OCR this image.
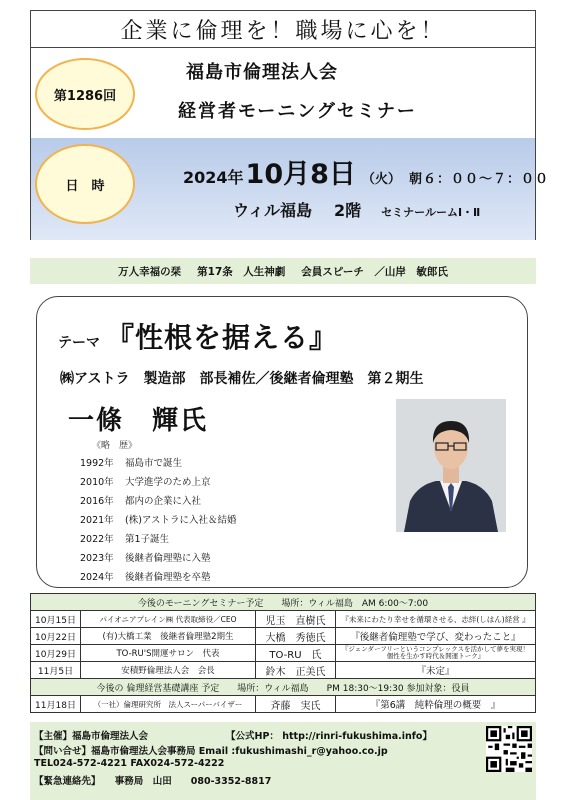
企業に倫理を！職場に心を！
第1286回
福島市倫理法人会
経営者モーニングセミナー
日　時	2024年 10月8日 （火） 朝６：００～７：００
ウィル福島 2階 セミナールームⅠ・Ⅱ
万人幸福の栞 第17条　人生神劇 会員スピーチ　／山岸　敏郎氏
テーマ 『性根を据える』
㈱アストラ　製造部　部長補佐／後継者倫理塾　第２期生
一條　輝氏
《略　歴》
1992年	福島市で誕生
2010年	大学進学のため上京
2016年	都内の企業に入社
2021年	(株)アストラに入社＆結婚
2022年	第1子誕生
2023年	後継者倫理塾に入塾
2024年	後継者倫理塾を卒塾
今後のモーニングセミナー予定　　場所：ウィル福島　AM 6:00～7:00			
10月15日	パイオニアプレイン㈱ 代表取締役／CEO	児玉　直樹氏	『未来にわたり幸せを循環させる、志絆(しはん)経営 』
10月22日	(有)大橋工業　後継者倫理塾2期生	大橋　秀徳氏	『後継者倫理塾で学び、変わったこと』
10月29日	TO-RU'S開運サロン　代表	TO-RU　氏	『ジェンダーフリーというコンプレックスを活かして夢を実現！個性を生かす時代＆開運トーク』
11月5日	安積野倫理法人会　会長	鈴木　正美氏	『未定』
今後の 倫理経営基礎講座 予定　　場所：ウィル福島　　PM 18:30～19:30 参加対象：役員			
11月18日	（一社）倫理研究所　法人スーパーバイザー	斉藤　実氏	『第6講　純粋倫理の概要　』
【主催】福島市倫理法人会	【公式HP： http://rinri-fukushima.info】
【問い合せ】福島市倫理法人会事務局 Email :fukushimashi_r@yahoo.co.jp
TEL024-572-4221 FAX024-572-4222
【緊急連絡先】　　事務局　山田　　080-3352-8817
